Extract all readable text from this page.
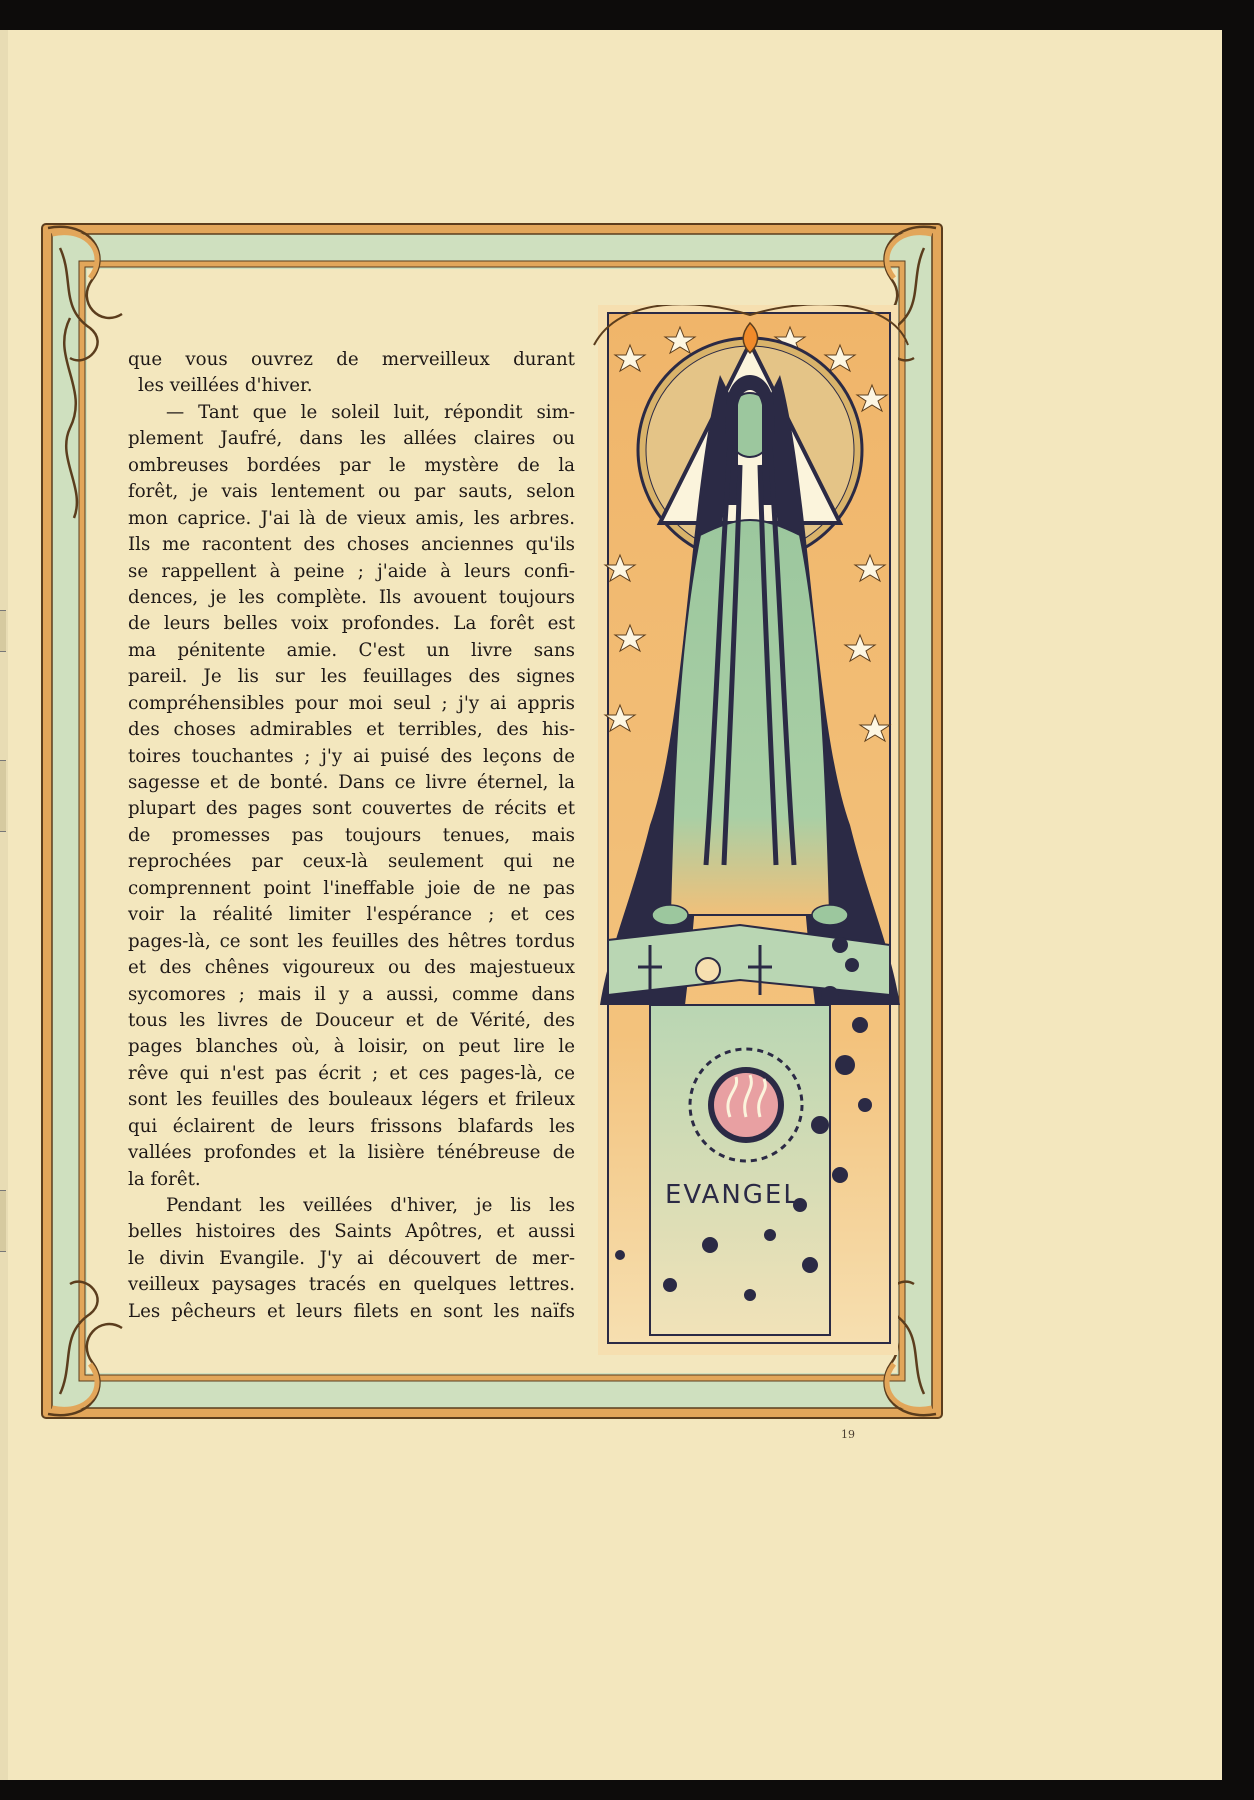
EVANGEL
que vous ouvrez de merveilleux durant
les veillées d'hiver.
— Tant que le soleil luit, répondit sim-
plement Jaufré, dans les allées claires ou
ombreuses bordées par le mystère de la
forêt, je vais lentement ou par sauts, selon
mon caprice. J'ai là de vieux amis, les arbres.
Ils me racontent des choses anciennes qu'ils
se rappellent à peine ; j'aide à leurs confi-
dences, je les complète. Ils avouent toujours
de leurs belles voix profondes. La forêt est
ma pénitente amie. C'est un livre sans
pareil. Je lis sur les feuillages des signes
compréhensibles pour moi seul ; j'y ai appris
des choses admirables et terribles, des his-
toires touchantes ; j'y ai puisé des leçons de
sagesse et de bonté. Dans ce livre éternel, la
plupart des pages sont couvertes de récits et
de promesses pas toujours tenues, mais
reprochées par ceux-là seulement qui ne
comprennent point l'ineffable joie de ne pas
voir la réalité limiter l'espérance ; et ces
pages-là, ce sont les feuilles des hêtres tordus
et des chênes vigoureux ou des majestueux
sycomores ; mais il y a aussi, comme dans
tous les livres de Douceur et de Vérité, des
pages blanches où, à loisir, on peut lire le
rêve qui n'est pas écrit ; et ces pages-là, ce
sont les feuilles des bouleaux légers et frileux
qui éclairent de leurs frissons blafards les
vallées profondes et la lisière ténébreuse de
la forêt.
Pendant les veillées d'hiver, je lis les
belles histoires des Saints Apôtres, et aussi
le divin Evangile. J'y ai découvert de mer-
veilleux paysages tracés en quelques lettres.
Les pêcheurs et leurs filets en sont les naïfs
19
